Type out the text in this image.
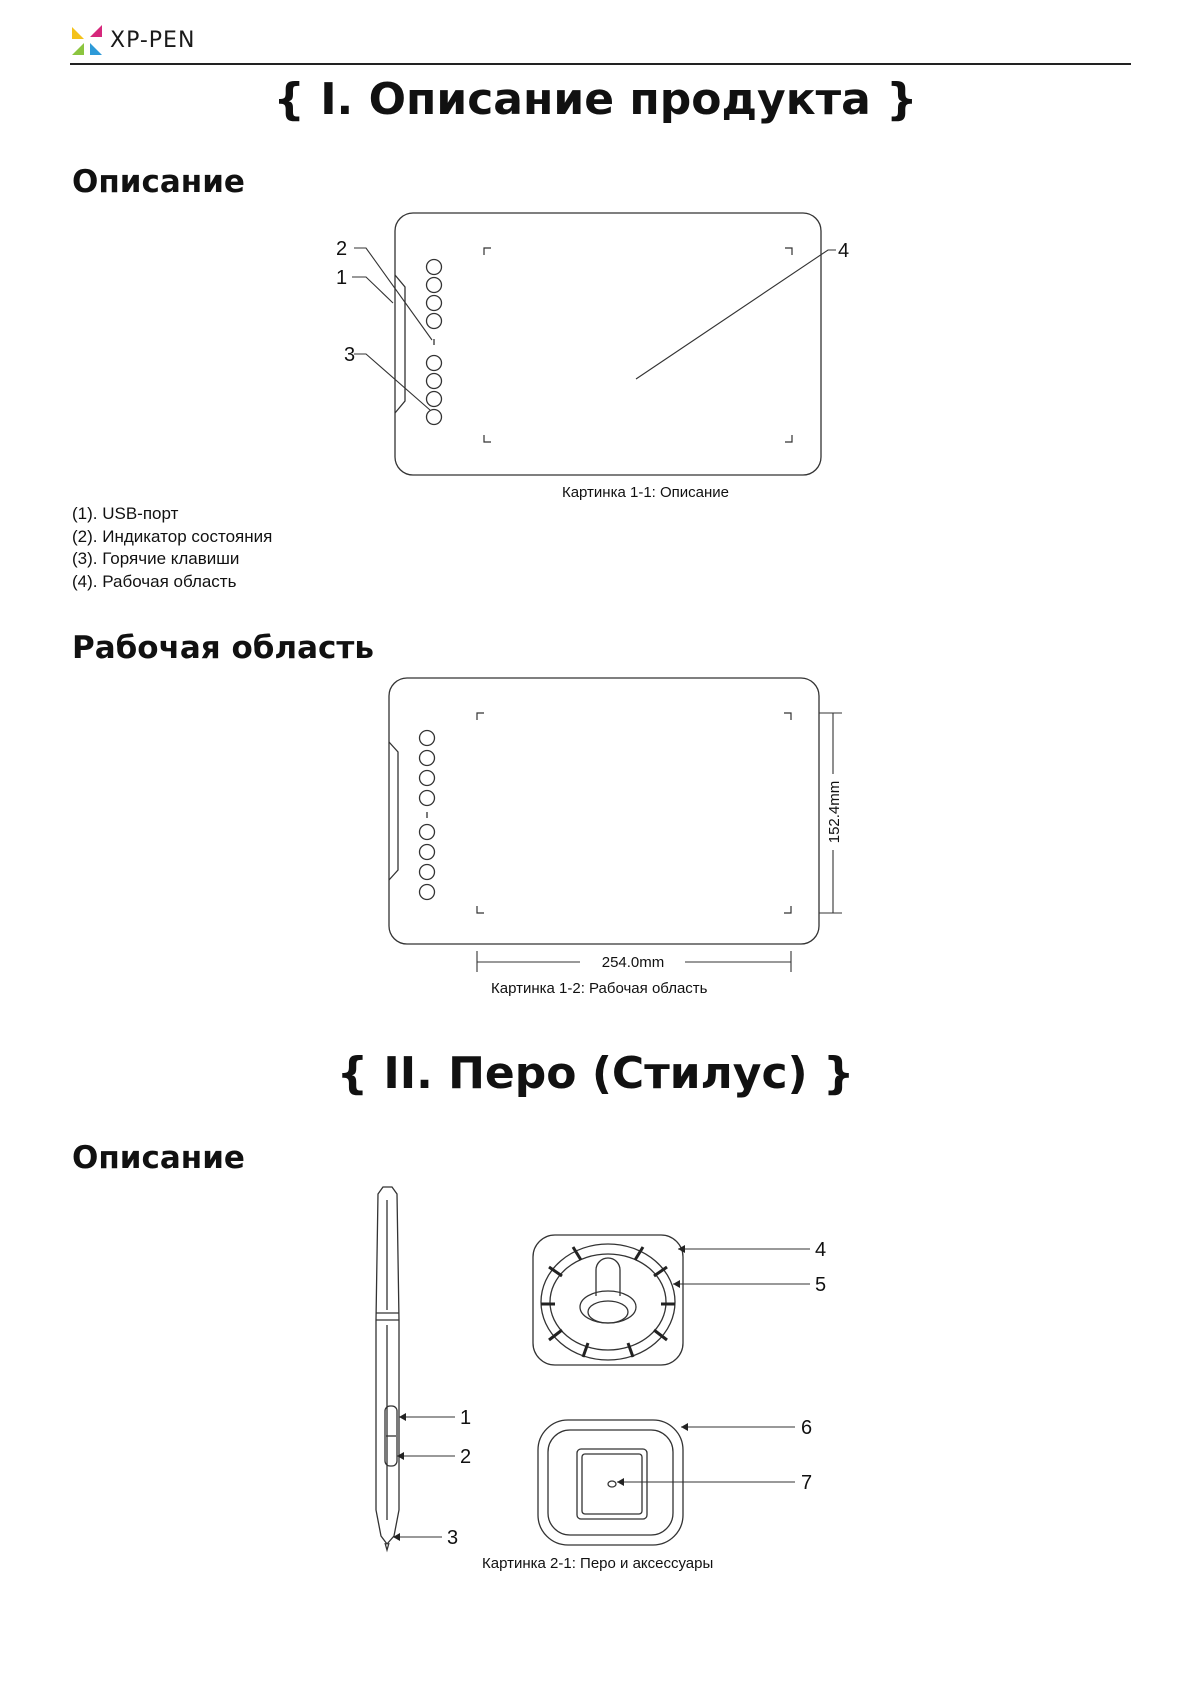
XP-PEN
{ I. Описание продукта }
Описание
2
1
3
4
Картинка 1-1: Описание
(1). USB-порт
(2). Индикатор состояния
(3). Горячие клавиши
(4). Рабочая область
Рабочая область
152.4mm
254.0mm
Картинка 1-2: Рабочая область
{ II. Перо (Стилус) }
Описание
1
2
3
4
5
6
7
Картинка 2-1: Перо и аксессуары
